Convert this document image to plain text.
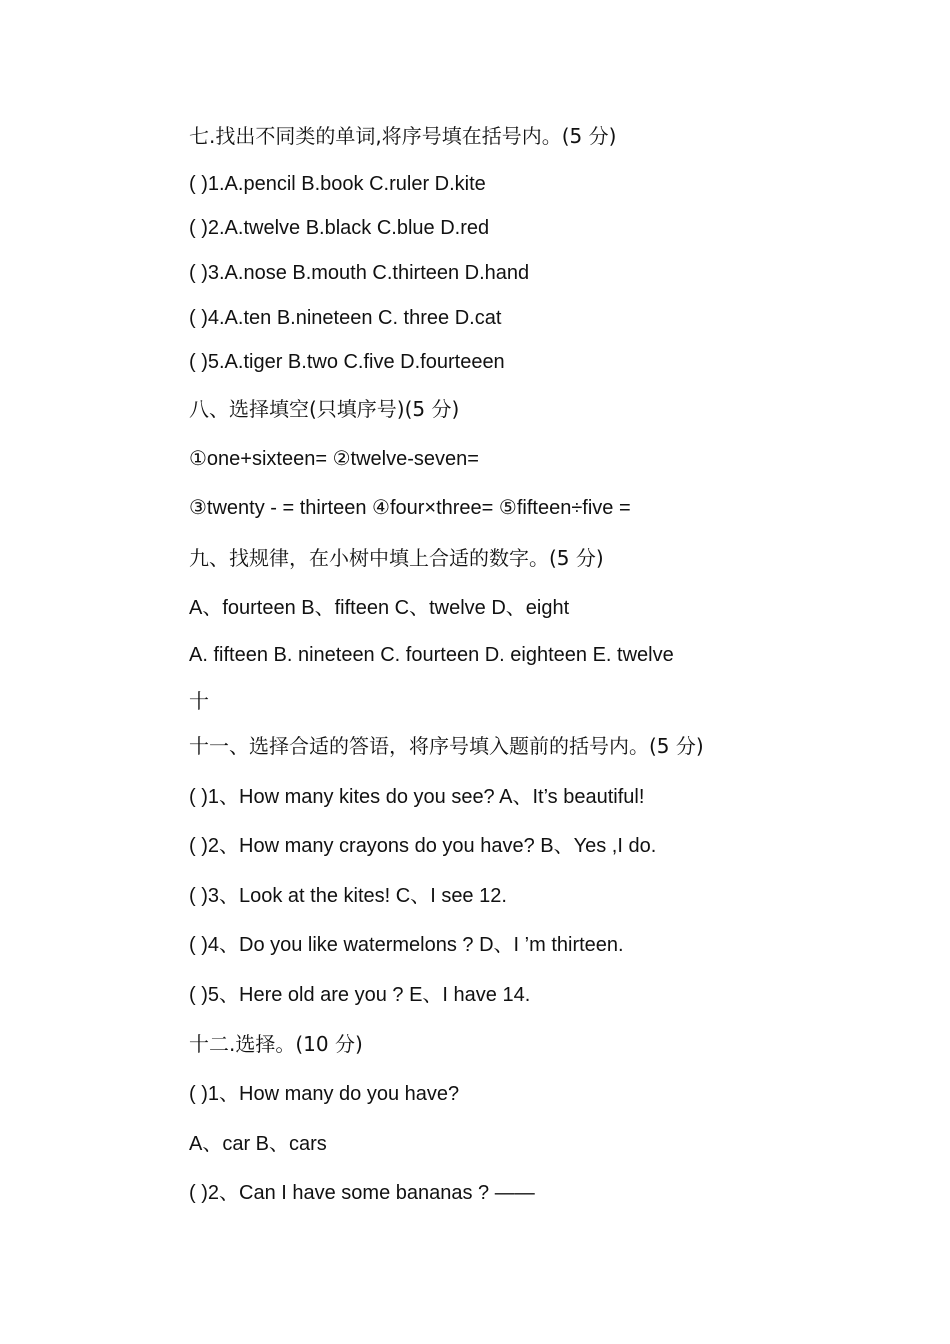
七.找出不同类的单词,将序号填在括号内。(5 分)
( )1.A.pencil B.book C.ruler D.kite
( )2.A.twelve B.black C.blue D.red
( )3.A.nose B.mouth C.thirteen D.hand
( )4.A.ten B.nineteen C. three D.cat
( )5.A.tiger B.two C.five D.fourteeen
八、选择填空(只填序号)(5 分)
①one+sixteen= ②twelve-seven=
③twenty - = thirteen ④four×three= ⑤fifteen÷five =
九、找规律，在小树中填上合适的数字。(5 分)
A、fourteen B、fifteen C、twelve D、eight
A. fifteen B. nineteen C. fourteen D. eighteen E. twelve
十
十一、选择合适的答语，将序号填入题前的括号内。(5 分)
( )1、How many kites do you see? A、It’s beautiful!
( )2、How many crayons do you have? B、Yes ,I do.
( )3、Look at the kites! C、I see 12.
( )4、Do you like watermelons ? D、I ’m thirteen.
( )5、Here old are you ? E、I have 14.
十二.选择。(10 分)
( )1、How many do you have?
A、car B、cars
( )2、Can I have some bananas ? ——
